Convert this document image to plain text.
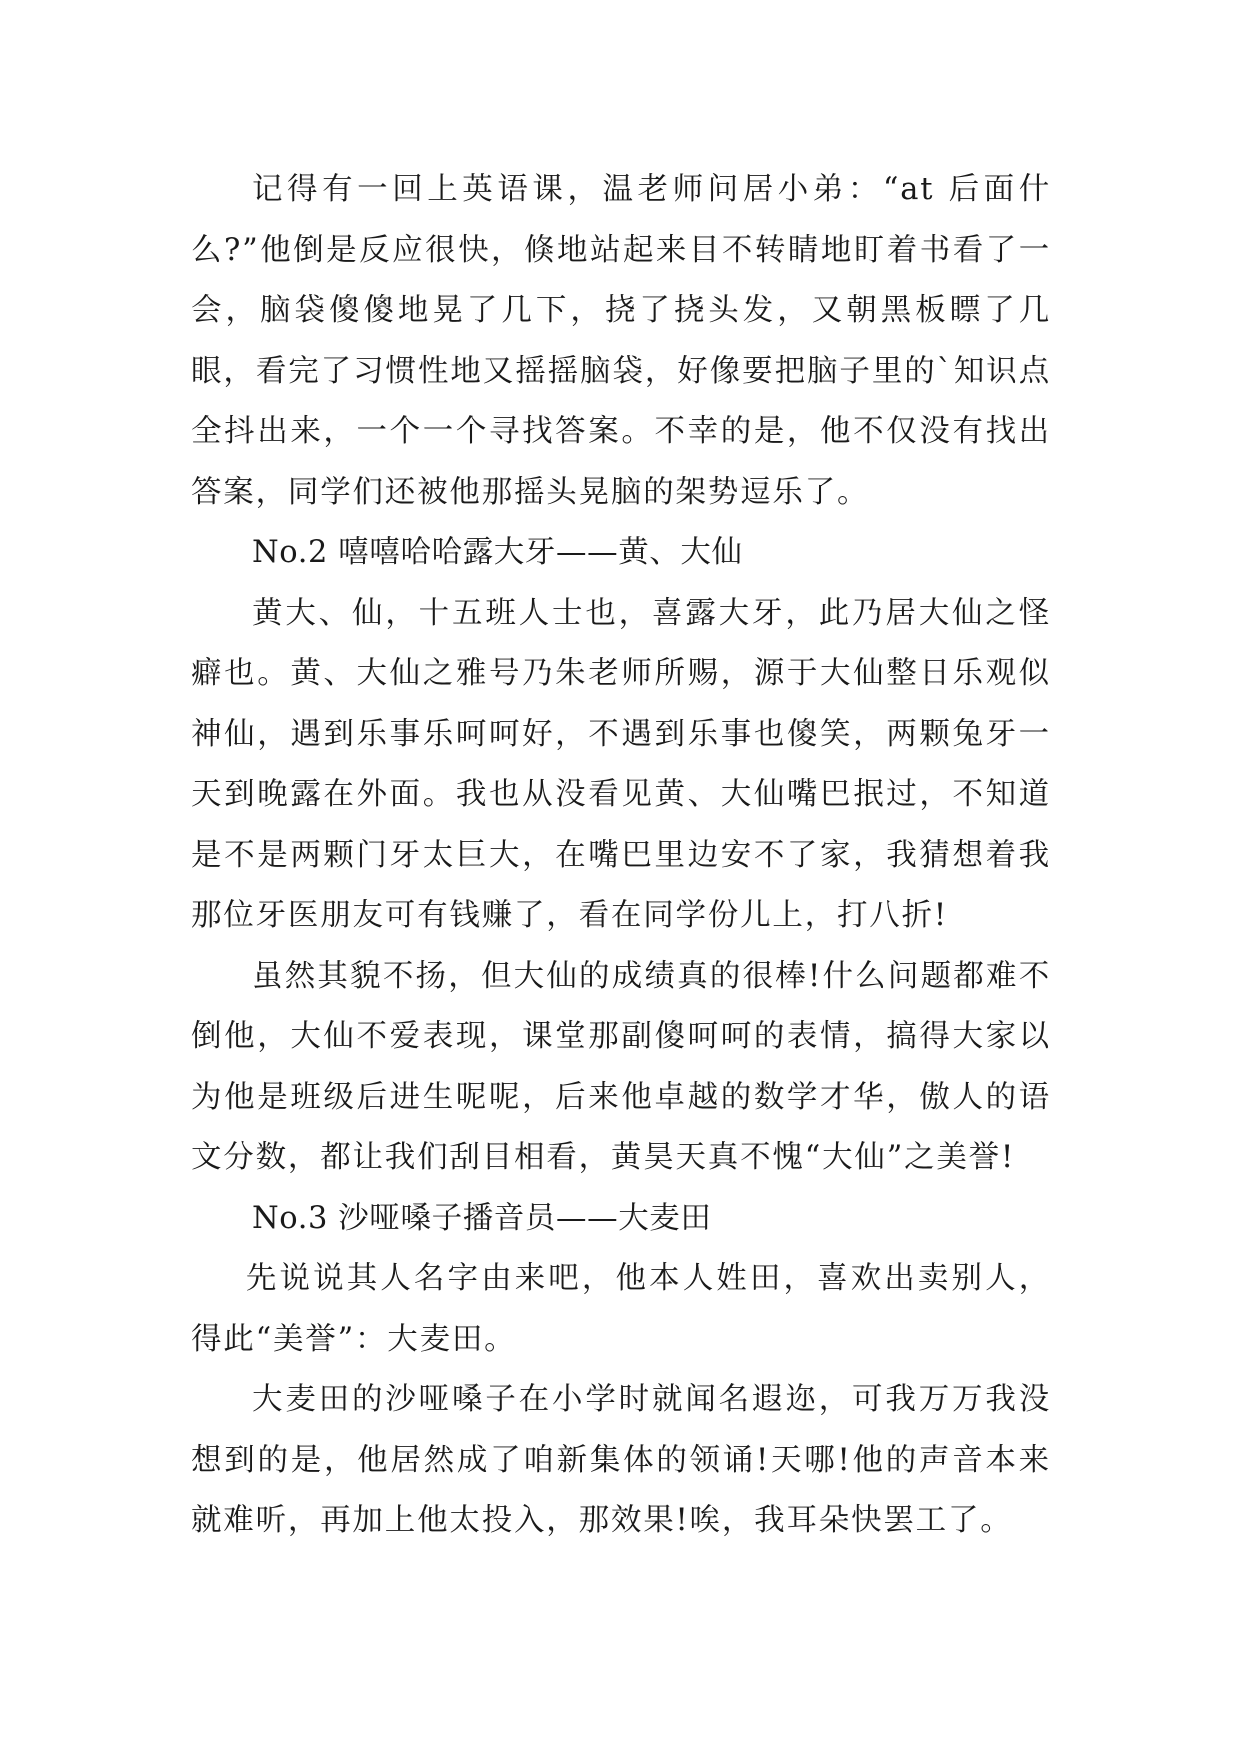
记得有一回上英语课，温老师问居小弟：“at 后面什么?”他倒是反应很快，倏地站起来目不转睛地盯着书看了一会，脑袋傻傻地晃了几下，挠了挠头发，又朝黑板瞟了几眼，看完了习惯性地又摇摇脑袋，好像要把脑子里的`知识点全抖出来，一个一个寻找答案。不幸的是，他不仅没有找出答案，同学们还被他那摇头晃脑的架势逗乐了。

No.2 嘻嘻哈哈露大牙——黄、大仙

黄大、仙，十五班人士也，喜露大牙，此乃居大仙之怪癖也。黄、大仙之雅号乃朱老师所赐，源于大仙整日乐观似神仙，遇到乐事乐呵呵好，不遇到乐事也傻笑，两颗兔牙一天到晚露在外面。我也从没看见黄、大仙嘴巴抿过，不知道是不是两颗门牙太巨大，在嘴巴里边安不了家，我猜想着我那位牙医朋友可有钱赚了，看在同学份儿上，打八折!

虽然其貌不扬，但大仙的成绩真的很棒!什么问题都难不倒他，大仙不爱表现，课堂那副傻呵呵的表情，搞得大家以为他是班级后进生呢呢，后来他卓越的数学才华，傲人的语文分数，都让我们刮目相看，黄昊天真不愧“大仙”之美誉!

No.3 沙哑嗓子播音员——大麦田

先说说其人名字由来吧，他本人姓田，喜欢出卖别人，得此“美誉”：大麦田。

大麦田的沙哑嗓子在小学时就闻名遐迩，可我万万我没想到的是，他居然成了咱新集体的领诵!天哪!他的声音本来就难听，再加上他太投入，那效果!唉，我耳朵快罢工了。
